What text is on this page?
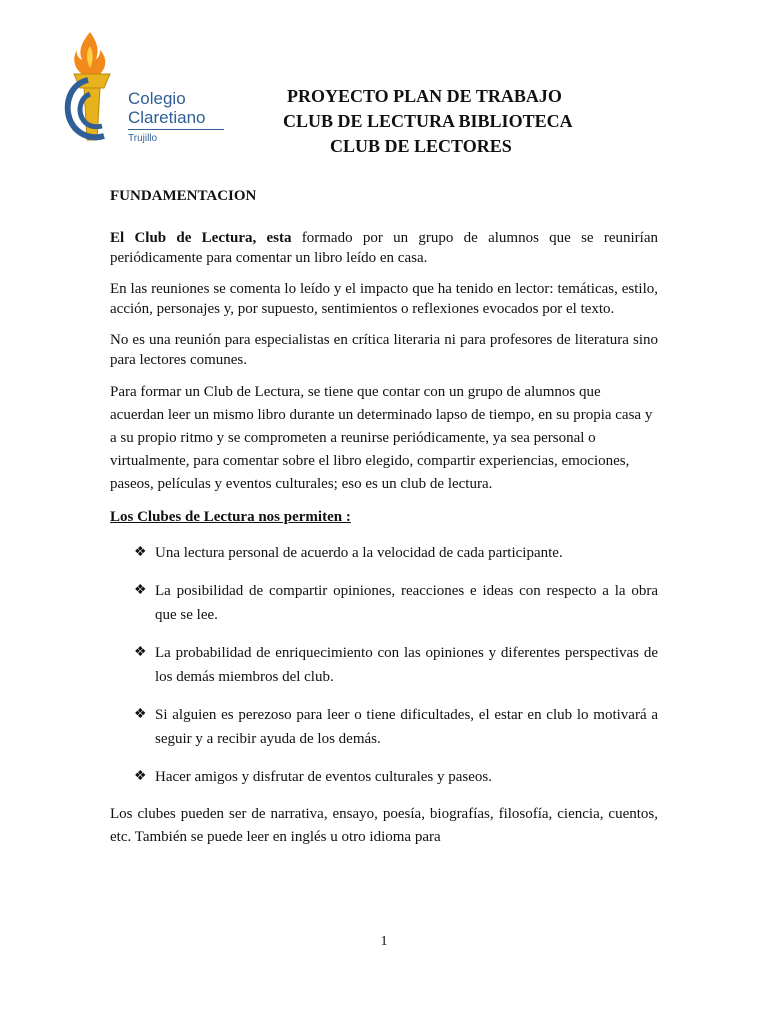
Colegio
Claretiano
Trujillo
PROYECTO PLAN DE TRABAJO
CLUB DE LECTURA BIBLIOTECA
CLUB DE LECTORES

FUNDAMENTACION

El Club de Lectura, esta formado por un grupo de alumnos que se reunirían periódicamente para comentar un libro leído en casa.

En las reuniones se comenta lo leído y el impacto que ha tenido en lector: temáticas, estilo, acción, personajes y, por supuesto, sentimientos o reflexiones evocados por el texto.

No es una reunión para especialistas en crítica literaria ni para profesores de literatura sino para lectores comunes.

Para formar un Club de Lectura, se tiene que contar con un grupo de alumnos que acuerdan leer un mismo libro durante un determinado lapso de tiempo, en su propia casa y a su propio ritmo y se comprometen a reunirse periódicamente, ya sea personal o virtualmente, para comentar sobre el libro elegido, compartir experiencias, emociones, paseos, películas y eventos culturales; eso es un club de lectura.

Los Clubes de Lectura nos permiten :

❖ Una lectura personal de acuerdo a la velocidad de cada participante.
❖ La posibilidad de compartir opiniones, reacciones e ideas con respecto a la obra que se lee.
❖ La probabilidad de enriquecimiento con las opiniones y diferentes perspectivas de los demás miembros del club.
❖ Si alguien es perezoso para leer o tiene dificultades, el estar en club lo motivará a seguir y a recibir ayuda de los demás.
❖ Hacer amigos y disfrutar de eventos culturales y paseos.

Los clubes pueden ser de narrativa, ensayo, poesía, biografías, filosofía, ciencia, cuentos, etc. También se puede leer en inglés u otro idioma para

1
